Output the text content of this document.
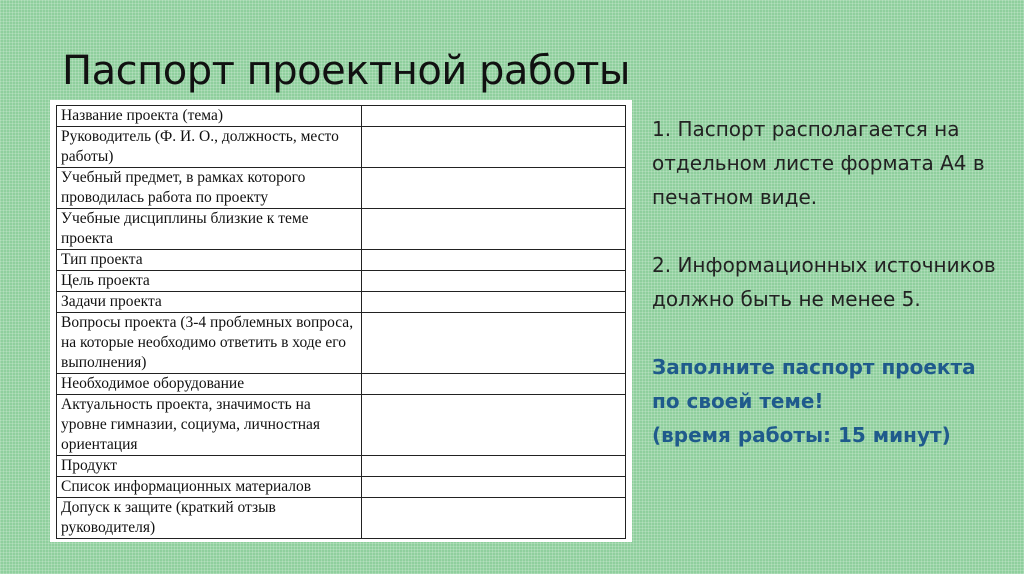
Паспорт проектной работы
Название проекта (тема)	
Руководитель (Ф. И. О., должность, место работы)	
Учебный предмет, в рамках которого проводилась работа по проекту	
Учебные дисциплины близкие к теме проекта	
Тип проекта	
Цель проекта	
Задачи проекта	
Вопросы проекта (3-4 проблемных вопроса, на которые необходимо ответить в ходе его выполнения)	
Необходимое оборудование	
Актуальность проекта, значимость на уровне гимназии, социума, личностная ориентация	
Продукт	
Список информационных материалов	
Допуск к защите (краткий отзыв руководителя)	

1. Паспорт располагается на отдельном листе формата А4 в печатном виде.

2. Информационных источников должно быть не менее 5.

Заполните паспорт проекта по своей теме!
(время работы: 15 минут)
